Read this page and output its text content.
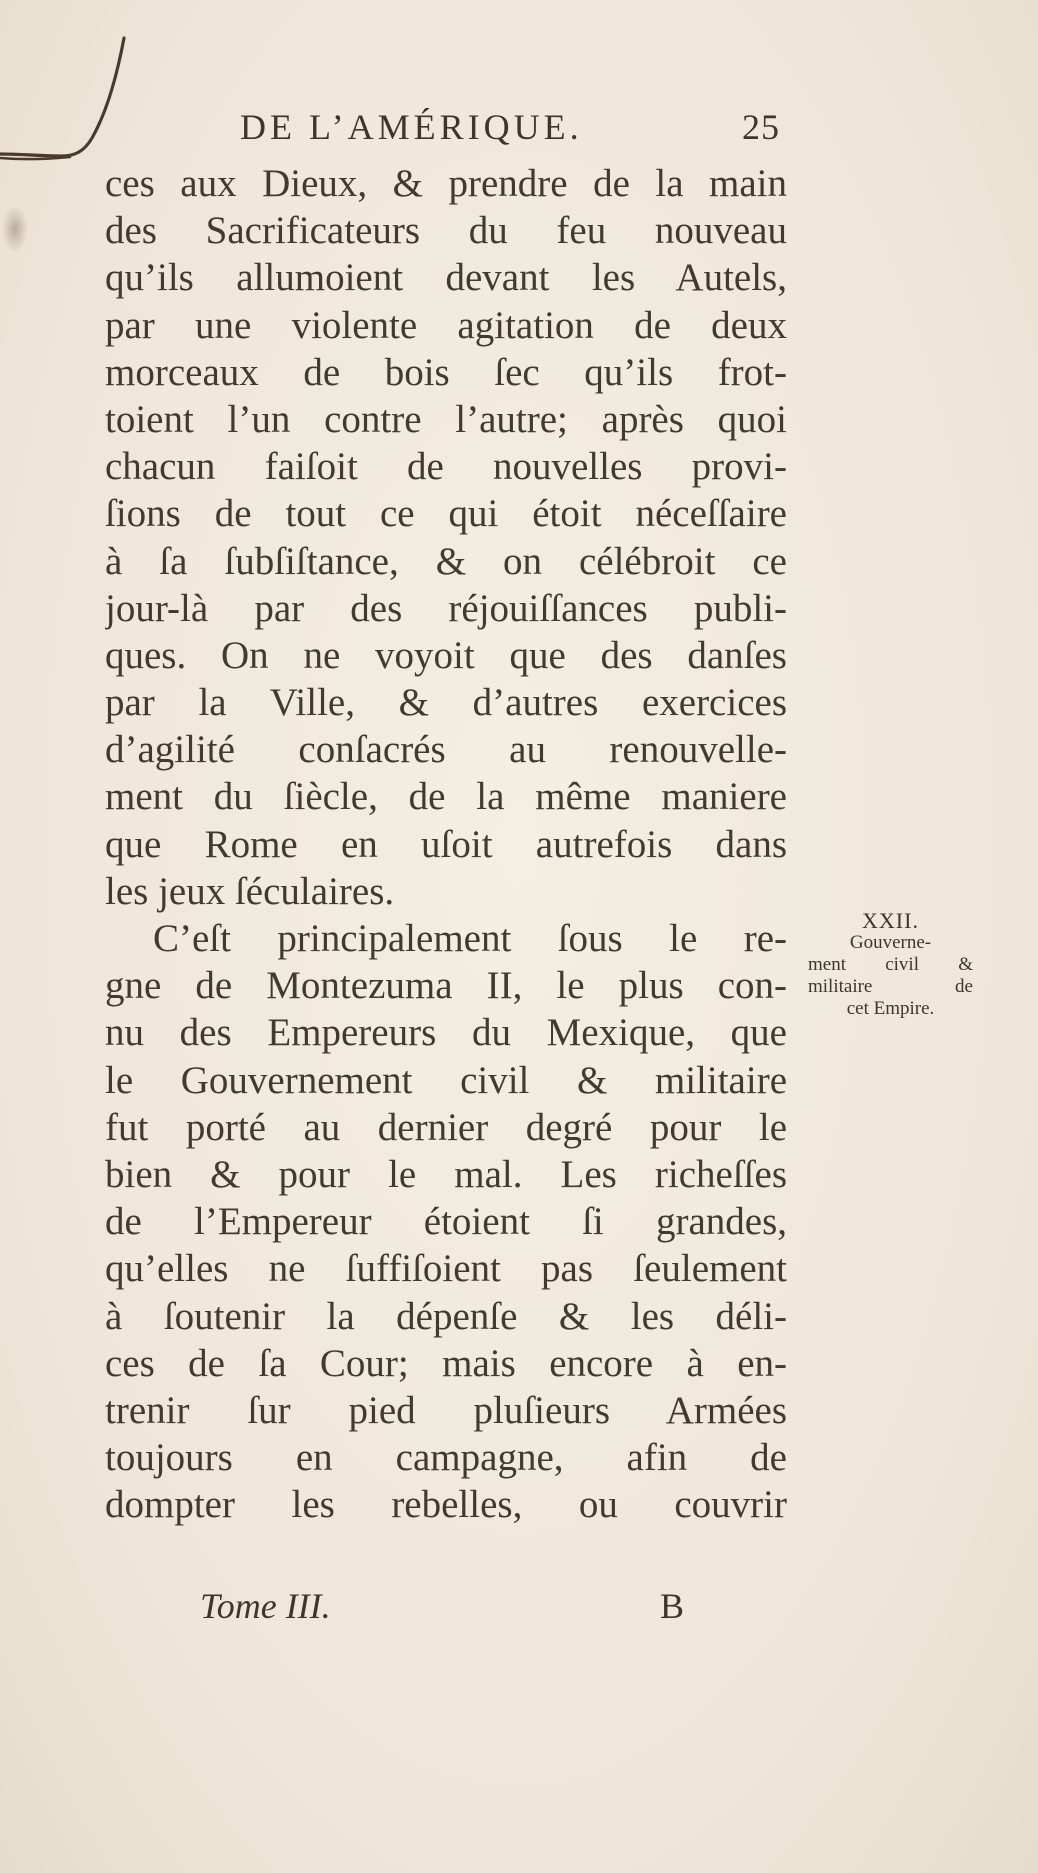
DE L’AMÉRIQUE.	25
ces aux Dieux, & prendre de la main
des Sacrificateurs du feu nouveau
qu’ils allumoient devant les Autels,
par une violente agitation de deux
morceaux de bois ſec qu’ils frot-
toient l’un contre l’autre; après quoi
chacun faiſoit de nouvelles provi-
ſions de tout ce qui étoit néceſſaire
à ſa ſubſiſtance, & on célébroit ce
jour-là par des réjouiſſances publi-
ques. On ne voyoit que des danſes
par la Ville, & d’autres exercices
d’agilité conſacrés au renouvelle-
ment du ſiècle, de la même maniere
que Rome en uſoit autrefois dans
les jeux ſéculaires.
C’eſt principalement ſous le re-
gne de Montezuma II, le plus con-
nu des Empereurs du Mexique, que
le Gouvernement civil & militaire
fut porté au dernier degré pour le
bien & pour le mal. Les richeſſes
de l’Empereur étoient ſi grandes,
qu’elles ne ſuffiſoient pas ſeulement
à ſoutenir la dépenſe & les déli-
ces de ſa Cour; mais encore à en-
trenir ſur pied pluſieurs Armées
toujours en campagne, afin de
dompter les rebelles, ou couvrir
XXII.
Gouverne-
ment civil &
militaire de
cet Empire.
Tome III.	B
